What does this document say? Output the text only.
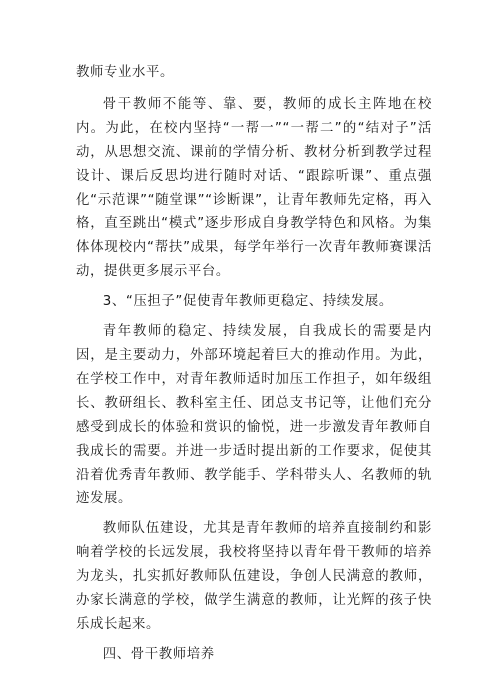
教师专业水平。

骨干教师不能等、靠、要，教师的成长主阵地在校内。为此，在校内坚持“一帮一”“一帮二”的“结对子”活动，从思想交流、课前的学情分析、教材分析到教学过程设计、课后反思均进行随时对话、“跟踪听课”、重点强化“示范课”“随堂课”“诊断课”，让青年教师先定格，再入格，直至跳出“模式”逐步形成自身教学特色和风格。为集体体现校内“帮扶”成果，每学年举行一次青年教师赛课活动，提供更多展示平台。

3、“压担子”促使青年教师更稳定、持续发展。

青年教师的稳定、持续发展，自我成长的需要是内因，是主要动力，外部环境起着巨大的推动作用。为此，在学校工作中，对青年教师适时加压工作担子，如年级组长、教研组长、教科室主任、团总支书记等，让他们充分感受到成长的体验和赏识的愉悦，进一步激发青年教师自我成长的需要。并进一步适时提出新的工作要求，促使其沿着优秀青年教师、教学能手、学科带头人、名教师的轨迹发展。

教师队伍建设，尤其是青年教师的培养直接制约和影响着学校的长远发展，我校将坚持以青年骨干教师的培养为龙头，扎实抓好教师队伍建设，争创人民满意的教师，办家长满意的学校，做学生满意的教师，让光辉的孩子快乐成长起来。

四、骨干教师培养
